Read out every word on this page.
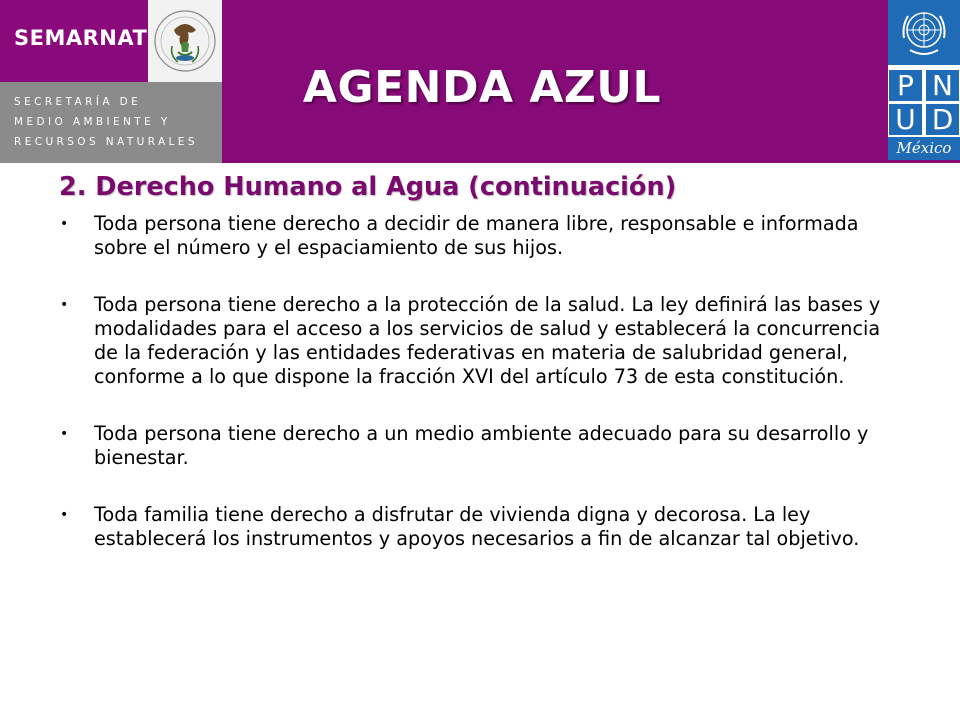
SEMARNAT
SECRETARÍA DE
MEDIO AMBIENTE Y
RECURSOS NATURALES
AGENDA AZUL	P N
U D
México
2. Derecho Humano al Agua (continuación)
• Toda persona tiene derecho a decidir de manera libre, responsable e informada sobre el número y el espaciamiento de sus hijos.
• Toda persona tiene derecho a la protección de la salud. La ley definirá las bases y modalidades para el acceso a los servicios de salud y establecerá la concurrencia de la federación y las entidades federativas en materia de salubridad general, conforme a lo que dispone la fracción XVI del artículo 73 de esta constitución.
• Toda persona tiene derecho a un medio ambiente adecuado para su desarrollo y bienestar.
• Toda familia tiene derecho a disfrutar de vivienda digna y decorosa. La ley establecerá los instrumentos y apoyos necesarios a fin de alcanzar tal objetivo.
